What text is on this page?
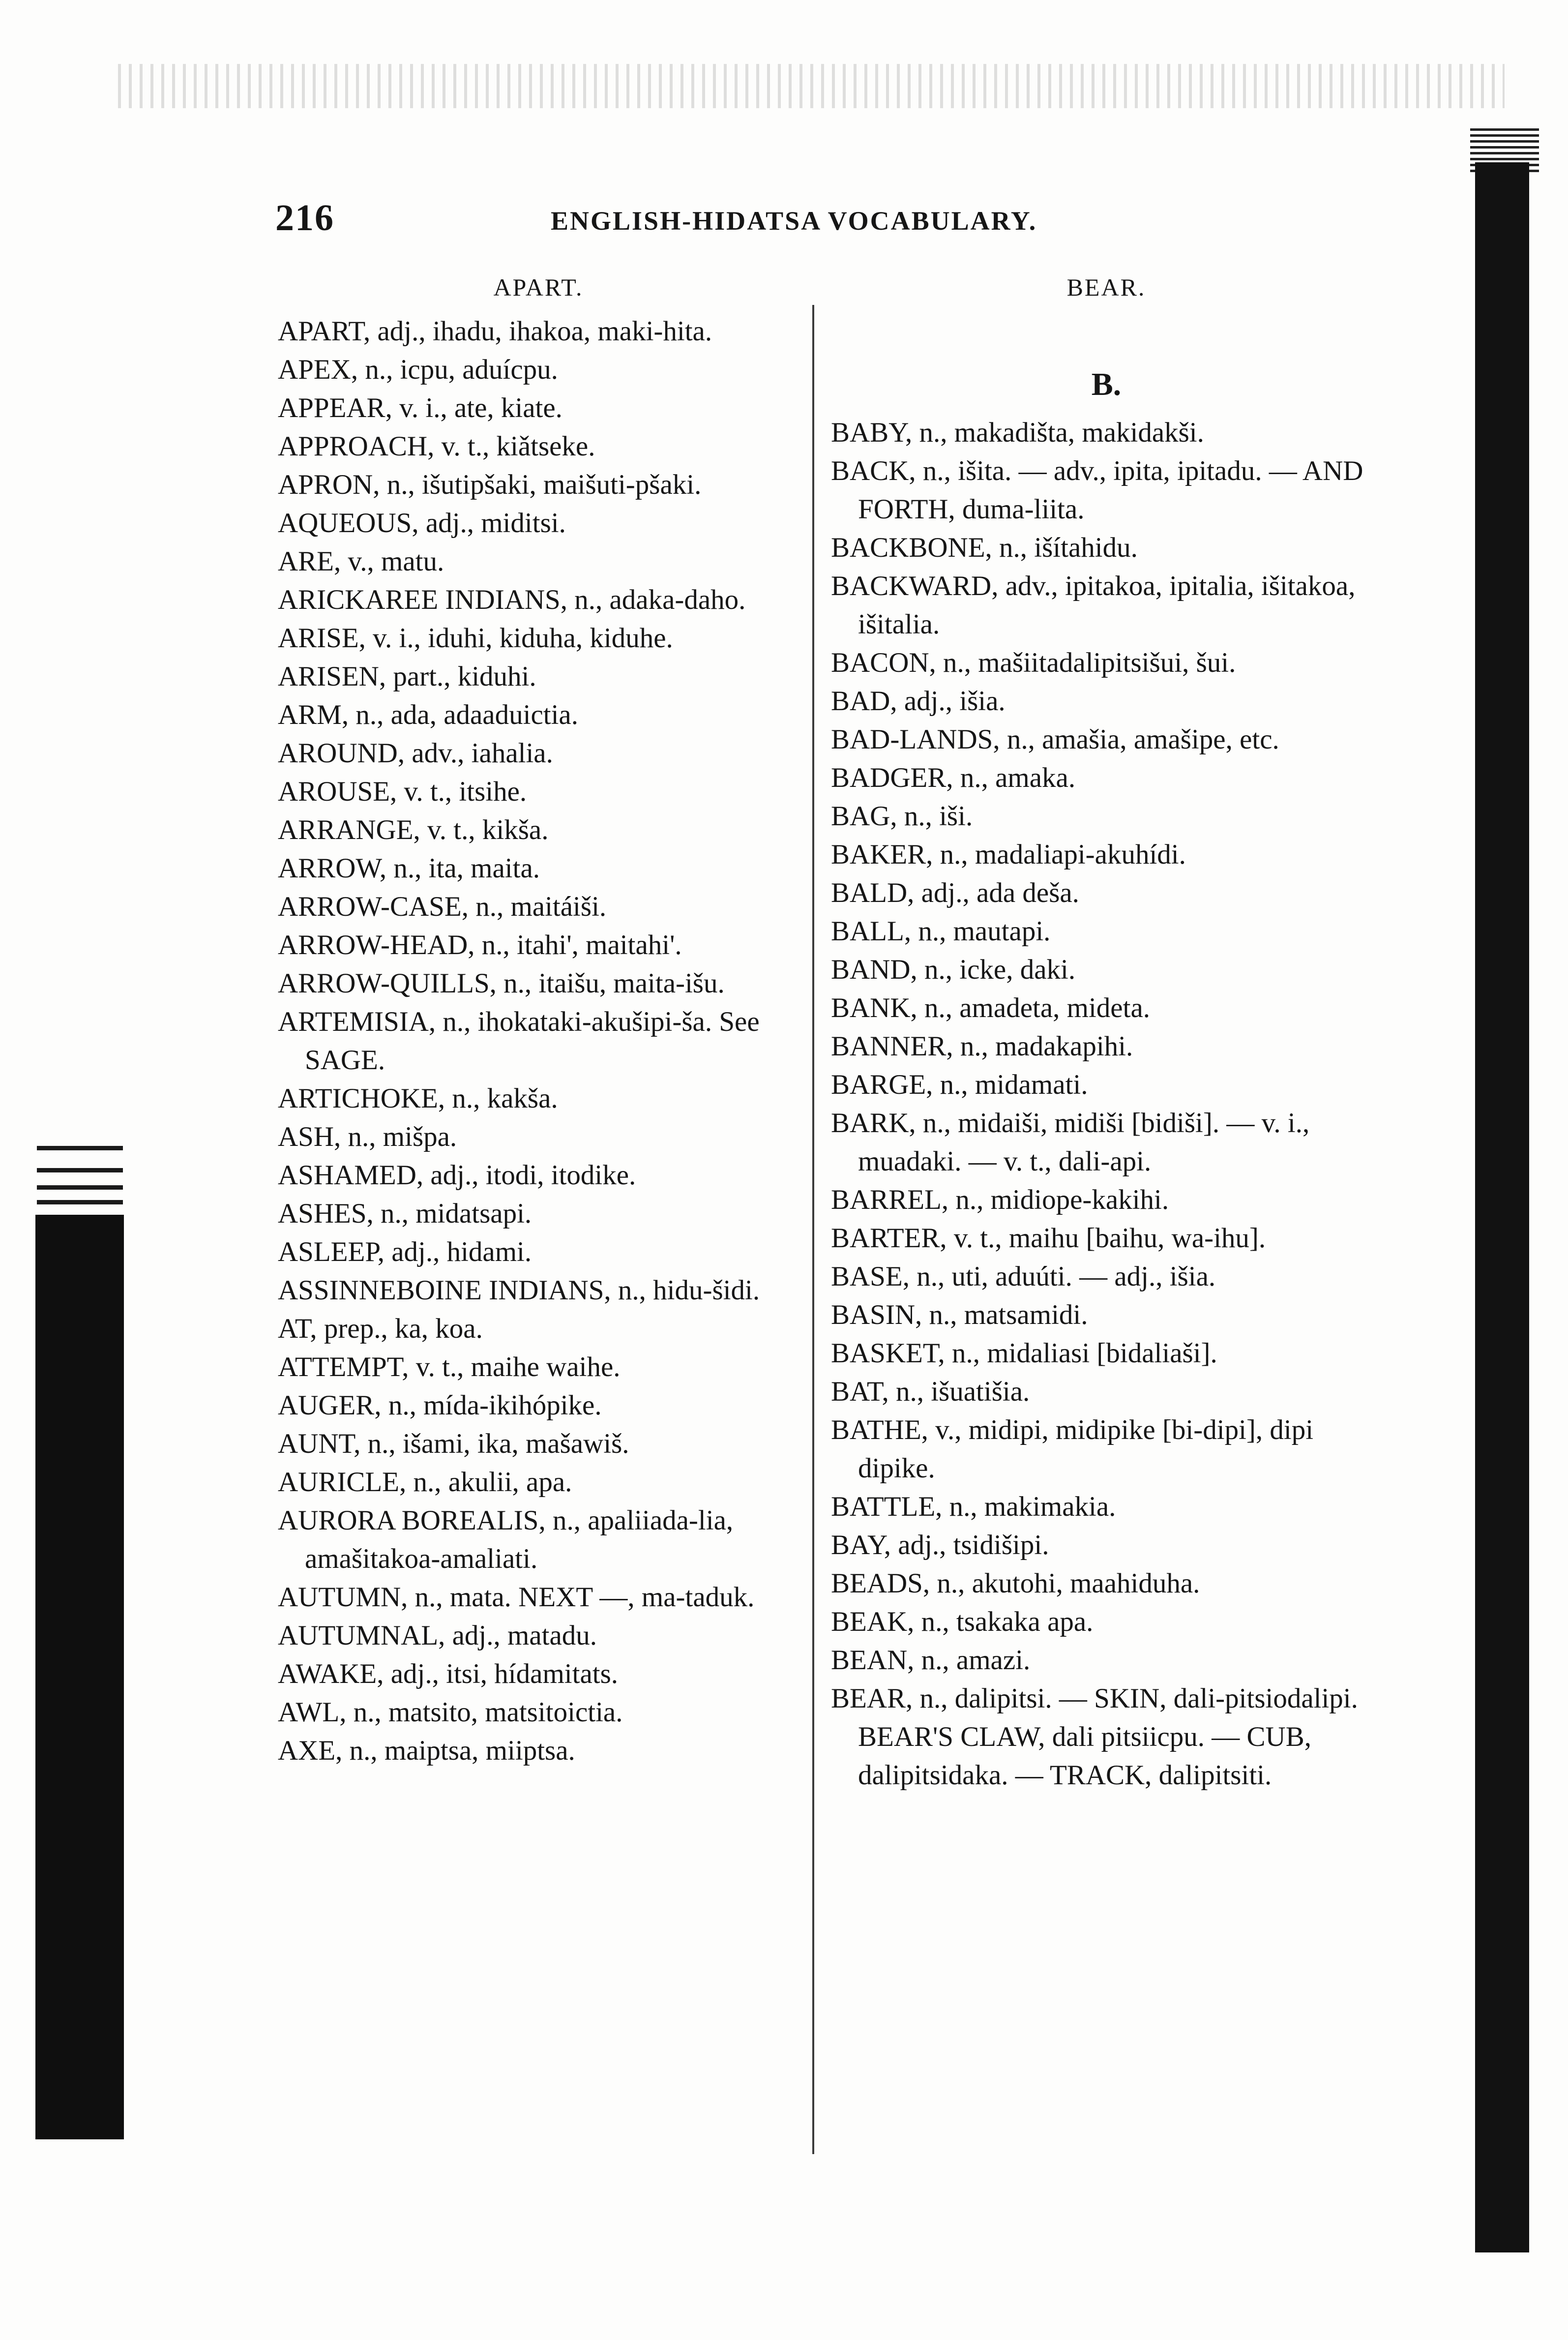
216	ENGLISH-HIDATSA VOCABULARY.
APART.

APART, adj., ihadu, ihakoa, maki-hita.

APEX, n., icpu, aduícpu.

APPEAR, v. i., ate, kiate.

APPROACH, v. t., kiǎtseke.

APRON, n., išutipšaki, maišuti-pšaki.

AQUEOUS, adj., miditsi.

ARE, v., matu.

ARICKAREE INDIANS, n., adaka-daho.

ARISE, v. i., iduhi, kiduha, kiduhe.

ARISEN, part., kiduhi.

ARM, n., ada, adaaduictia.

AROUND, adv., iahalia.

AROUSE, v. t., itsihe.

ARRANGE, v. t., kikša.

ARROW, n., ita, maita.

ARROW-CASE, n., maitáiši.

ARROW-HEAD, n., itahi', maitahi'.

ARROW-QUILLS, n., itaišu, maita-išu.

ARTEMISIA, n., ihokataki-akušipi-ša. See SAGE.

ARTICHOKE, n., kakša.

ASH, n., mišpa.

ASHAMED, adj., itodi, itodike.

ASHES, n., midatsapi.

ASLEEP, adj., hidami.

ASSINNEBOINE INDIANS, n., hidu-šidi.

AT, prep., ka, koa.

ATTEMPT, v. t., maihe waihe.

AUGER, n., mída-ikihópike.

AUNT, n., išami, ika, mašawiš.

AURICLE, n., akulii, apa.

AURORA BOREALIS, n., apaliiada-lia, amašitakoa-amaliati.

AUTUMN, n., mata. NEXT —, ma-taduk.

AUTUMNAL, adj., matadu.

AWAKE, adj., itsi, hídamitats.

AWL, n., matsito, matsitoictia.

AXE, n., maiptsa, miiptsa.

BEAR.
B.

BABY, n., makadišta, makidakši.

BACK, n., išita. — adv., ipita, ipitadu. — AND FORTH, duma-liita.

BACKBONE, n., išítahidu.

BACKWARD, adv., ipitakoa, ipitalia, išitakoa, išitalia.

BACON, n., mašiitadalipitsišui, šui.

BAD, adj., išia.

BAD-LANDS, n., amašia, amašipe, etc.

BADGER, n., amaka.

BAG, n., iši.

BAKER, n., madaliapi-akuhídi.

BALD, adj., ada deša.

BALL, n., mautapi.

BAND, n., icke, daki.

BANK, n., amadeta, mideta.

BANNER, n., madakapihi.

BARGE, n., midamati.

BARK, n., midaiši, midiši [bidiši]. — v. i., muadaki. — v. t., dali-api.

BARREL, n., midiope-kakihi.

BARTER, v. t., maihu [baihu, wa-ihu].

BASE, n., uti, aduúti. — adj., išia.

BASIN, n., matsamidi.

BASKET, n., midaliasi [bidaliaši].

BAT, n., išuatišia.

BATHE, v., midipi, midipike [bi-dipi], dipi dipike.

BATTLE, n., makimakia.

BAY, adj., tsidišipi.

BEADS, n., akutohi, maahiduha.

BEAK, n., tsakaka apa.

BEAN, n., amazi.

BEAR, n., dalipitsi. — SKIN, dali-pitsiodalipi. BEAR'S CLAW, dali pitsiicpu. — CUB, dalipitsidaka. — TRACK, dalipitsiti.
